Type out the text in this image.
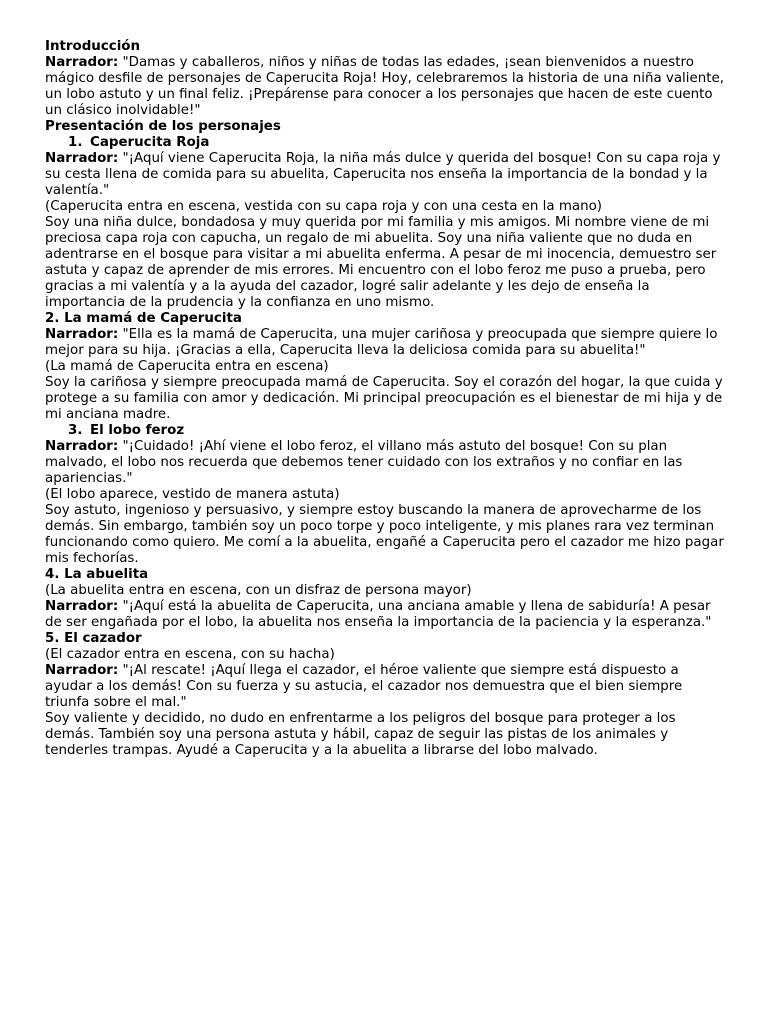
Introducción

Narrador: "Damas y caballeros, niños y niñas de todas las edades, ¡sean bienvenidos a nuestro mágico desfile de personajes de Caperucita Roja! Hoy, celebraremos la historia de una niña valiente, un lobo astuto y un final feliz. ¡Prepárense para conocer a los personajes que hacen de este cuento un clásico inolvidable!"

Presentación de los personajes

1. Caperucita Roja

Narrador: "¡Aquí viene Caperucita Roja, la niña más dulce y querida del bosque! Con su capa roja y su cesta llena de comida para su abuelita, Caperucita nos enseña la importancia de la bondad y la valentía."

(Caperucita entra en escena, vestida con su capa roja y con una cesta en la mano)

Soy una niña dulce, bondadosa y muy querida por mi familia y mis amigos. Mi nombre viene de mi preciosa capa roja con capucha, un regalo de mi abuelita. Soy una niña valiente que no duda en adentrarse en el bosque para visitar a mi abuelita enferma. A pesar de mi inocencia, demuestro ser astuta y capaz de aprender de mis errores. Mi encuentro con el lobo feroz me puso a prueba, pero gracias a mi valentía y a la ayuda del cazador, logré salir adelante y les dejo de enseña la importancia de la prudencia y la confianza en uno mismo.

2. La mamá de Caperucita

Narrador: "Ella es la mamá de Caperucita, una mujer cariñosa y preocupada que siempre quiere lo mejor para su hija. ¡Gracias a ella, Caperucita lleva la deliciosa comida para su abuelita!"

(La mamá de Caperucita entra en escena)

Soy la cariñosa y siempre preocupada mamá de Caperucita. Soy el corazón del hogar, la que cuida y protege a su familia con amor y dedicación. Mi principal preocupación es el bienestar de mi hija y de mi anciana madre.

3. El lobo feroz

Narrador: "¡Cuidado! ¡Ahí viene el lobo feroz, el villano más astuto del bosque! Con su plan malvado, el lobo nos recuerda que debemos tener cuidado con los extraños y no confiar en las apariencias."

(El lobo aparece, vestido de manera astuta)

Soy astuto, ingenioso y persuasivo, y siempre estoy buscando la manera de aprovecharme de los demás. Sin embargo, también soy un poco torpe y poco inteligente, y mis planes rara vez terminan funcionando como quiero. Me comí a la abuelita, engañé a Caperucita pero el cazador me hizo pagar mis fechorías.

4. La abuelita

(La abuelita entra en escena, con un disfraz de persona mayor)

Narrador: "¡Aquí está la abuelita de Caperucita, una anciana amable y llena de sabiduría! A pesar de ser engañada por el lobo, la abuelita nos enseña la importancia de la paciencia y la esperanza."

5. El cazador

(El cazador entra en escena, con su hacha)

Narrador: "¡Al rescate! ¡Aquí llega el cazador, el héroe valiente que siempre está dispuesto a ayudar a los demás! Con su fuerza y su astucia, el cazador nos demuestra que el bien siempre triunfa sobre el mal."

Soy valiente y decidido, no dudo en enfrentarme a los peligros del bosque para proteger a los demás. También soy una persona astuta y hábil, capaz de seguir las pistas de los animales y tenderles trampas. Ayudé a Caperucita y a la abuelita a librarse del lobo malvado.
